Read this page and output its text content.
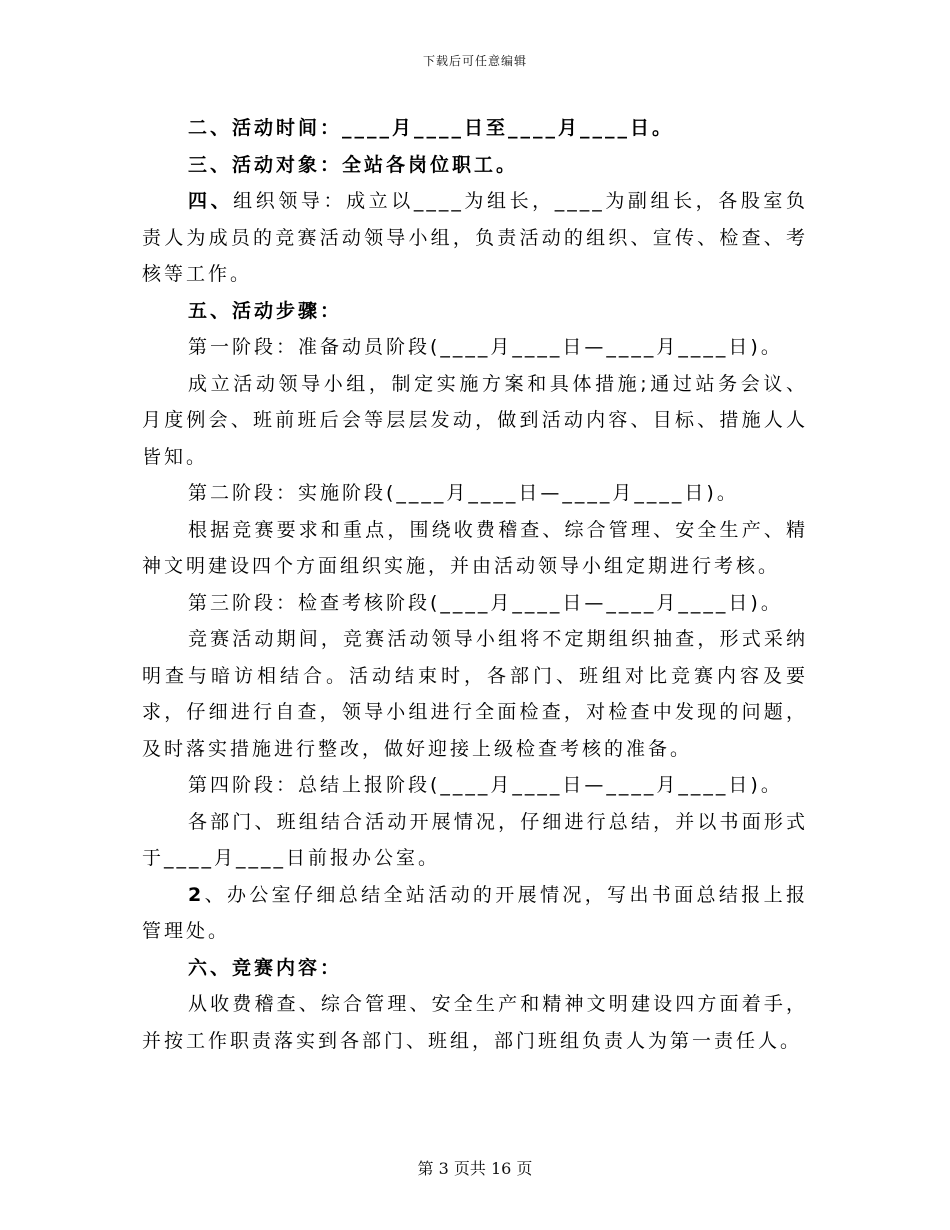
下载后可任意编辑

二、活动时间：____月____日至____月____日。

三、活动对象：全站各岗位职工。

四、组织领导：成立以____为组长，____为副组长，各股室负责人为成员的竞赛活动领导小组，负责活动的组织、宣传、检查、考核等工作。

五、活动步骤：

第一阶段：准备动员阶段(____月____日—____月____日)。

成立活动领导小组，制定实施方案和具体措施;通过站务会议、月度例会、班前班后会等层层发动，做到活动内容、目标、措施人人皆知。

第二阶段：实施阶段(____月____日—____月____日)。

根据竞赛要求和重点，围绕收费稽查、综合管理、安全生产、精神文明建设四个方面组织实施，并由活动领导小组定期进行考核。

第三阶段：检查考核阶段(____月____日—____月____日)。

竞赛活动期间，竞赛活动领导小组将不定期组织抽查，形式采纳明查与暗访相结合。活动结束时，各部门、班组对比竞赛内容及要求，仔细进行自查，领导小组进行全面检查，对检查中发现的问题，及时落实措施进行整改，做好迎接上级检查考核的准备。

第四阶段：总结上报阶段(____月____日—____月____日)。

各部门、班组结合活动开展情况，仔细进行总结，并以书面形式于____月____日前报办公室。

2、办公室仔细总结全站活动的开展情况，写出书面总结报上报管理处。

六、竞赛内容：

从收费稽查、综合管理、安全生产和精神文明建设四方面着手，并按工作职责落实到各部门、班组，部门班组负责人为第一责任人。

第 3 页共 16 页
